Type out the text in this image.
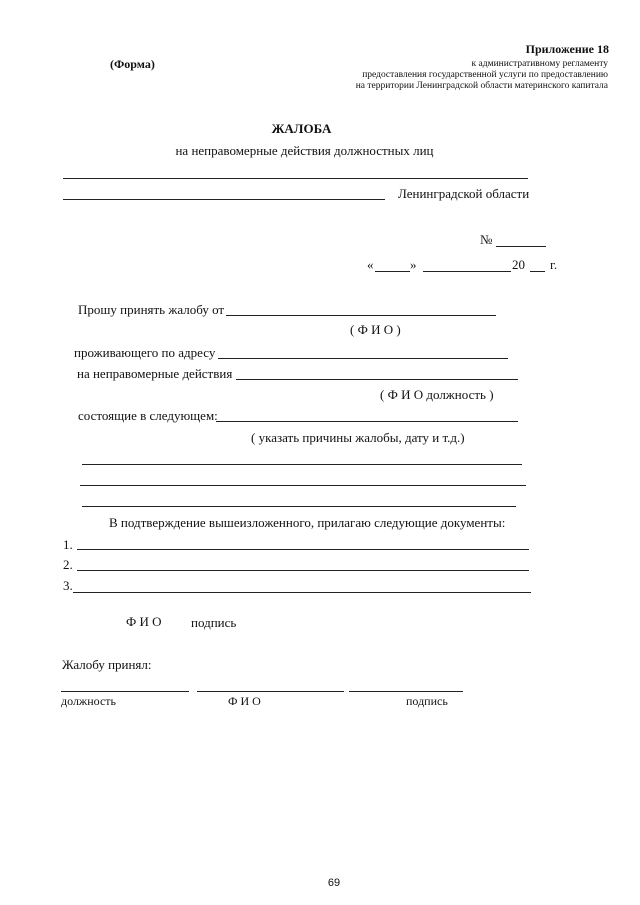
Приложение 18
к административному регламенту
предоставления государственной услуги по предоставлению
на территории Ленинградской области материнского капитала
(Форма)
ЖАЛОБА
на неправомерные действия должностных лиц
Ленинградской области
№
«	»	20 г.
Прошу принять жалобу от
( Ф И О )
проживающего по адресу
на неправомерные действия
( Ф И О должность )
состоящие в следующем:
( указать причины жалобы, дату и т.д.)
В подтверждение вышеизложенного, прилагаю следующие документы:
1.
2.
3.
Ф И О подпись
Жалобу принял:
должность	Ф И О	подпись
69
